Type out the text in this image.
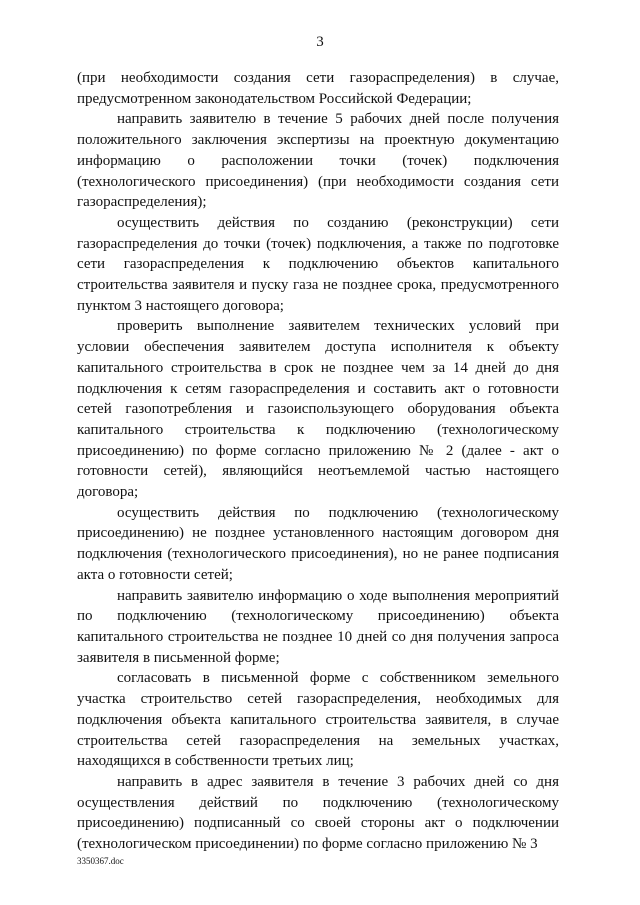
3

(при необходимости создания сети газораспределения) в случае, предусмотренном законодательством Российской Федерации;

направить заявителю в течение 5 рабочих дней после получения положительного заключения экспертизы на проектную документацию информацию о расположении точки (точек) подключения (технологического присоединения) (при необходимости создания сети газораспределения);

осуществить действия по созданию (реконструкции) сети газораспределения до точки (точек) подключения, а также по подготовке сети газораспределения к подключению объектов капитального строительства заявителя и пуску газа не позднее срока, предусмотренного пунктом 3 настоящего договора;

проверить выполнение заявителем технических условий при условии обеспечения заявителем доступа исполнителя к объекту капитального строительства в срок не позднее чем за 14 дней до дня подключения к сетям газораспределения и составить акт о готовности сетей газопотребления и газоиспользующего оборудования объекта капитального строительства к подключению (технологическому присоединению) по форме согласно приложению № 2 (далее - акт о готовности сетей), являющийся неотъемлемой частью настоящего договора;

осуществить действия по подключению (технологическому присоединению) не позднее установленного настоящим договором дня подключения (технологического присоединения), но не ранее подписания акта о готовности сетей;

направить заявителю информацию о ходе выполнения мероприятий по подключению (технологическому присоединению) объекта капитального строительства не позднее 10 дней со дня получения запроса заявителя в письменной форме;

согласовать в письменной форме с собственником земельного участка строительство сетей газораспределения, необходимых для подключения объекта капитального строительства заявителя, в случае строительства сетей газораспределения на земельных участках, находящихся в собственности третьих лиц;

направить в адрес заявителя в течение 3 рабочих дней со дня осуществления действий по подключению (технологическому присоединению) подписанный со своей стороны акт о подключении (технологическом присоединении) по форме согласно приложению № 3

3350367.doc
